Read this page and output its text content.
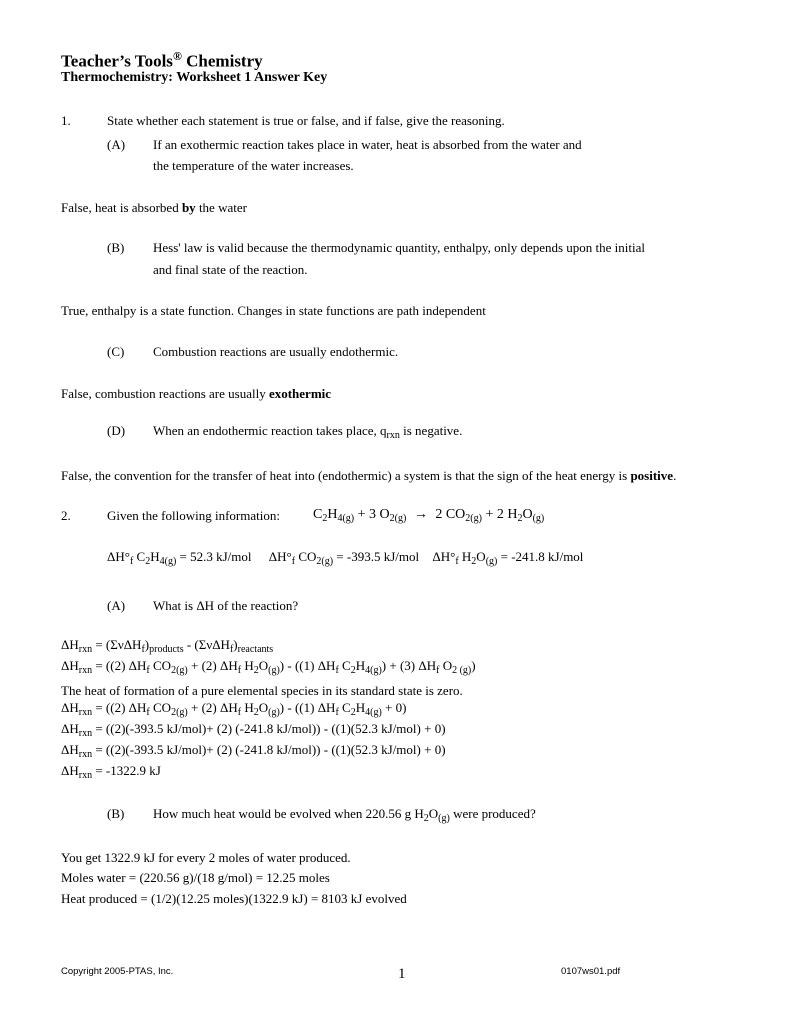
Teacher’s Tools® Chemistry
Thermochemistry: Worksheet 1 Answer Key
1.	State whether each statement is true or false, and if false, give the reasoning.
(A) If an exothermic reaction takes place in water, heat is absorbed from the water and
the temperature of the water increases.
False, heat is absorbed by the water
(B) Hess' law is valid because the thermodynamic quantity, enthalpy, only depends upon the initial
and final state of the reaction.
True, enthalpy is a state function. Changes in state functions are path independent
(C) Combustion reactions are usually endothermic.
False, combustion reactions are usually exothermic
(D) When an endothermic reaction takes place, $q_{rxn}$ is negative.
False, the convention for the transfer of heat into (endothermic) a system is that the sign of the heat energy is positive.
2.	Given the following information: $C_2H_{4(g)} + 3$ $O_{2(g)} \to 2$ $CO_{2(g)} + 2$ $H_2O_{(g)}$
$\Delta H^\circ_f$ $C_2H_{4(g)} = 52.3$ kJ/mol $\Delta H^\circ_f$ $CO_{2(g)} = -393.5$ kJ/mol $\Delta H^\circ_f$ $H_2O_{(g)} = -241.8$ kJ/mol
(A) What is ΔH of the reaction?
$\Delta H_{rxn} = (\Sigma\nu\Delta H_f)_{products} - (\Sigma\nu\Delta H_f)_{reactants}$
$\Delta H_{rxn} = ((2)$ $\Delta H_f$ $CO_{2(g)} + (2)$ $\Delta H_f$ $H_2O_{(g)}) - ((1)$ $\Delta H_f$ $C_2H_{4(g)}) + (3)$ $\Delta H_f$ $O_{2 (g)}$)
The heat of formation of a pure elemental species in its standard state is zero.
$\Delta H_{rxn} = ((2)$ $\Delta H_f$ $CO_{2(g)} + (2)$ $\Delta H_f$ $H_2O_{(g)}) - ((1)$ $\Delta H_f$ $C_2H_{4(g)} + 0$)
$\Delta H_{rxn} = ((2)(-393.5$ kJ/mol)+ (2) (-241.8 kJ/mol)) - ((1)(52.3 kJ/mol) + 0)
$\Delta H_{rxn} = ((2)(-393.5$ kJ/mol)+ (2) (-241.8 kJ/mol)) - ((1)(52.3 kJ/mol) + 0)
$\Delta H_{rxn} = -1322.9$ kJ
(B) How much heat would be evolved when 220.56 g $H_2O_{(g)}$ were produced?
You get 1322.9 kJ for every 2 moles of water produced.
Moles water = (220.56 g)/(18 g/mol) = 12.25 moles
Heat produced = (1/2)(12.25 moles)(1322.9 kJ) = 8103 kJ evolved
Copyright 2005-PTAS, Inc.	1	0107ws01.pdf
